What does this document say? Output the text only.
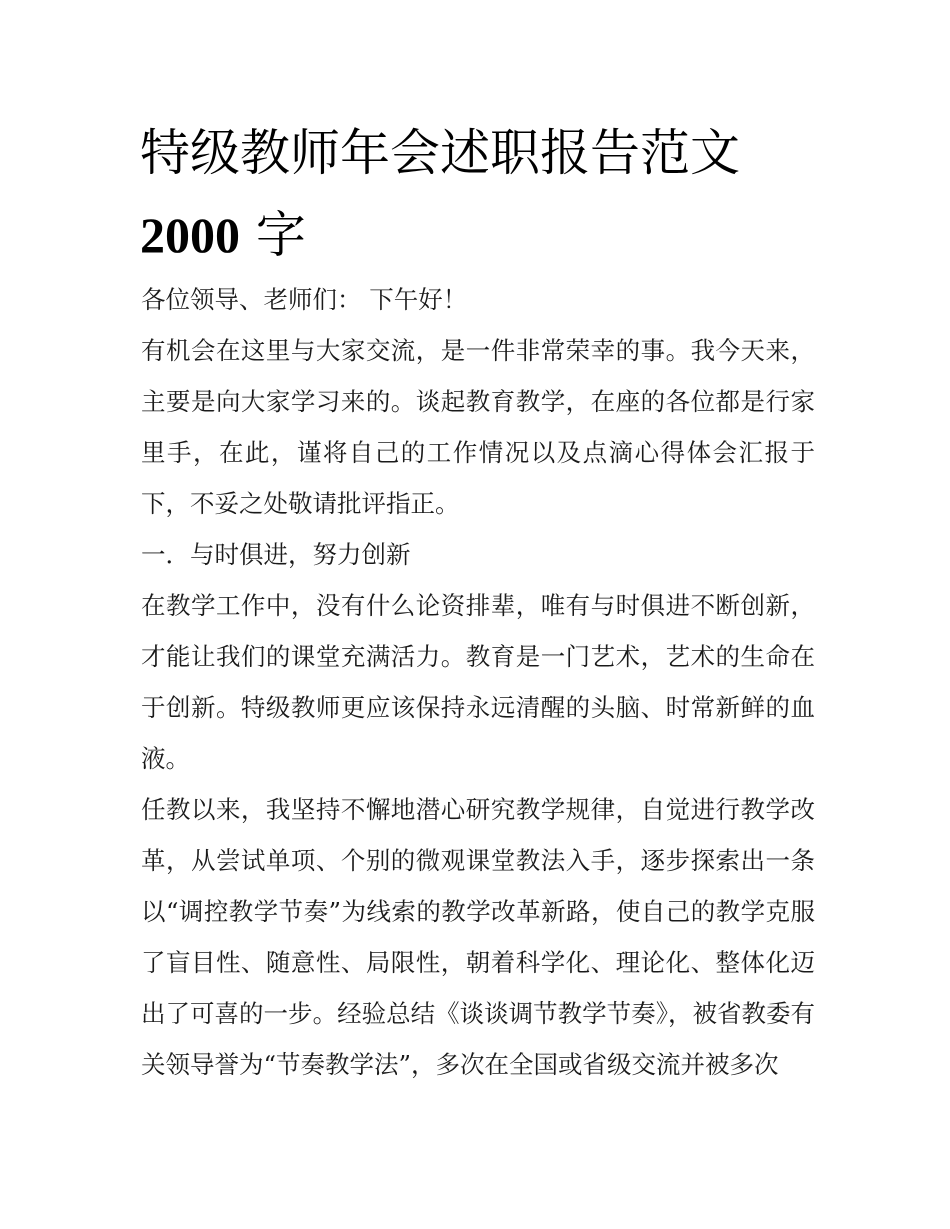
特级教师年会述职报告范文
2000 字

各位领导、老师们： 下午好！

有机会在这里与大家交流，是一件非常荣幸的事。我今天来，主要是向大家学习来的。谈起教育教学，在座的各位都是行家里手，在此，谨将自己的工作情况以及点滴心得体会汇报于下，不妥之处敬请批评指正。

一．与时俱进，努力创新

在教学工作中，没有什么论资排辈，唯有与时俱进不断创新，才能让我们的课堂充满活力。教育是一门艺术，艺术的生命在于创新。特级教师更应该保持永远清醒的头脑、时常新鲜的血液。

任教以来，我坚持不懈地潜心研究教学规律，自觉进行教学改革，从尝试单项、个别的微观课堂教法入手，逐步探索出一条以“调控教学节奏”为线索的教学改革新路，使自己的教学克服了盲目性、随意性、局限性，朝着科学化、理论化、整体化迈出了可喜的一步。经验总结《谈谈调节教学节奏》，被省教委有关领导誉为“节奏教学法”，多次在全国或省级交流并被多次
